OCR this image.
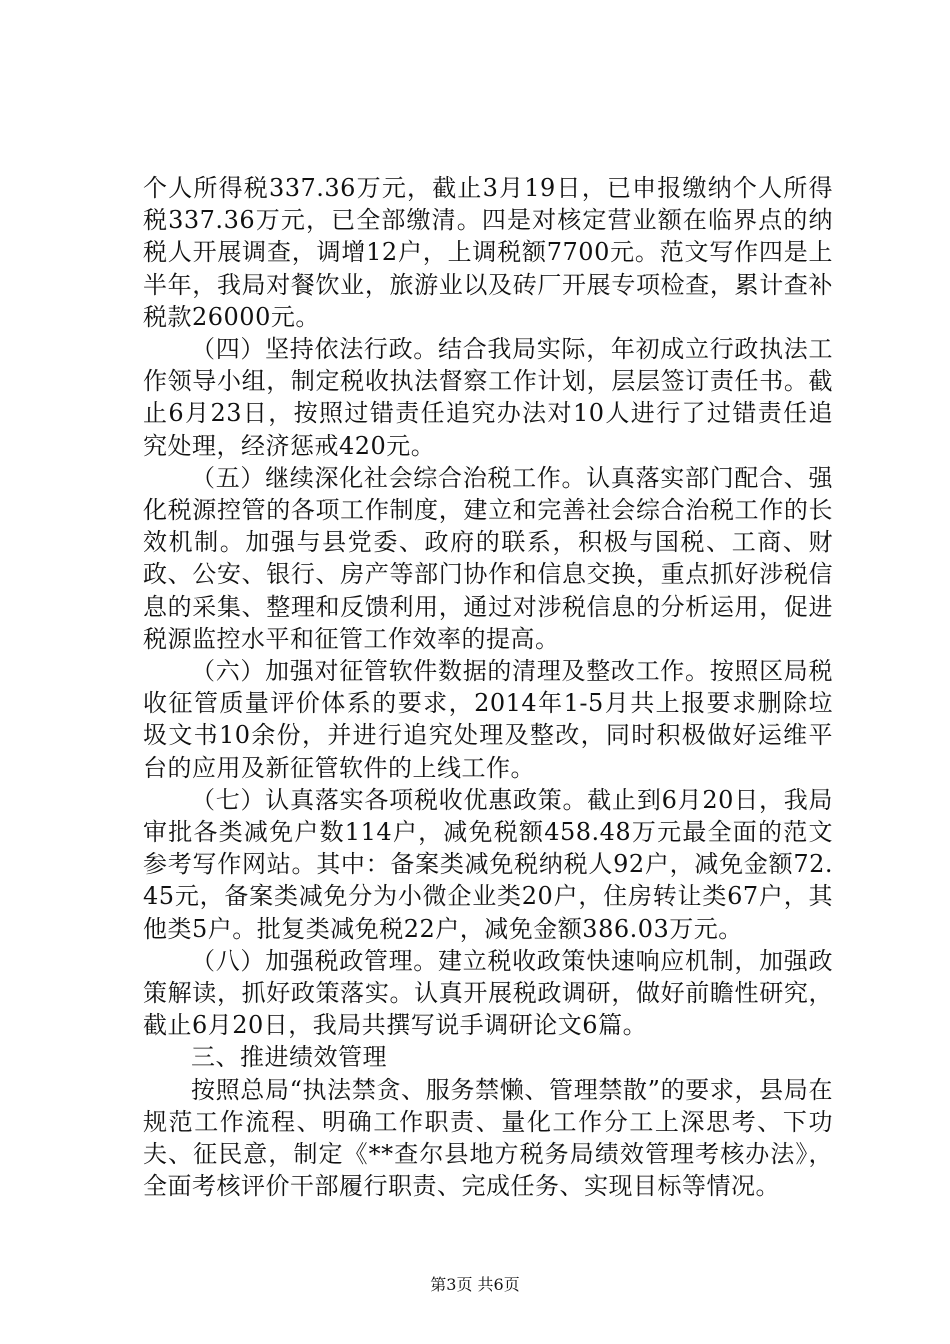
个人所得税337.36万元，截止3月19日，已申报缴纳个人所得税337.36万元，已全部缴清。四是对核定营业额在临界点的纳税人开展调查，调增12户，上调税额7700元。范文写作四是上半年，我局对餐饮业，旅游业以及砖厂开展专项检查，累计查补税款26000元。

（四）坚持依法行政。结合我局实际，年初成立行政执法工作领导小组，制定税收执法督察工作计划，层层签订责任书。截止6月23日，按照过错责任追究办法对10人进行了过错责任追究处理，经济惩戒420元。

（五）继续深化社会综合治税工作。认真落实部门配合、强化税源控管的各项工作制度，建立和完善社会综合治税工作的长效机制。加强与县党委、政府的联系，积极与国税、工商、财政、公安、银行、房产等部门协作和信息交换，重点抓好涉税信息的采集、整理和反馈利用，通过对涉税信息的分析运用，促进税源监控水平和征管工作效率的提高。

（六）加强对征管软件数据的清理及整改工作。按照区局税收征管质量评价体系的要求，2014年1-5月共上报要求删除垃圾文书10余份，并进行追究处理及整改，同时积极做好运维平台的应用及新征管软件的上线工作。

（七）认真落实各项税收优惠政策。截止到6月20日，我局审批各类减免户数114户，减免税额458.48万元最全面的范文参考写作网站。其中：备案类减免税纳税人92户，减免金额72.45元，备案类减免分为小微企业类20户，住房转让类67户，其他类5户。批复类减免税22户，减免金额386.03万元。

（八）加强税政管理。建立税收政策快速响应机制，加强政策解读，抓好政策落实。认真开展税政调研，做好前瞻性研究，截止6月20日，我局共撰写说手调研论文6篇。

三、推进绩效管理

按照总局“执法禁贪、服务禁懒、管理禁散”的要求，县局在规范工作流程、明确工作职责、量化工作分工上深思考、下功夫、征民意，制定《**查尔县地方税务局绩效管理考核办法》，全面考核评价干部履行职责、完成任务、实现目标等情况。

第3页 共6页
